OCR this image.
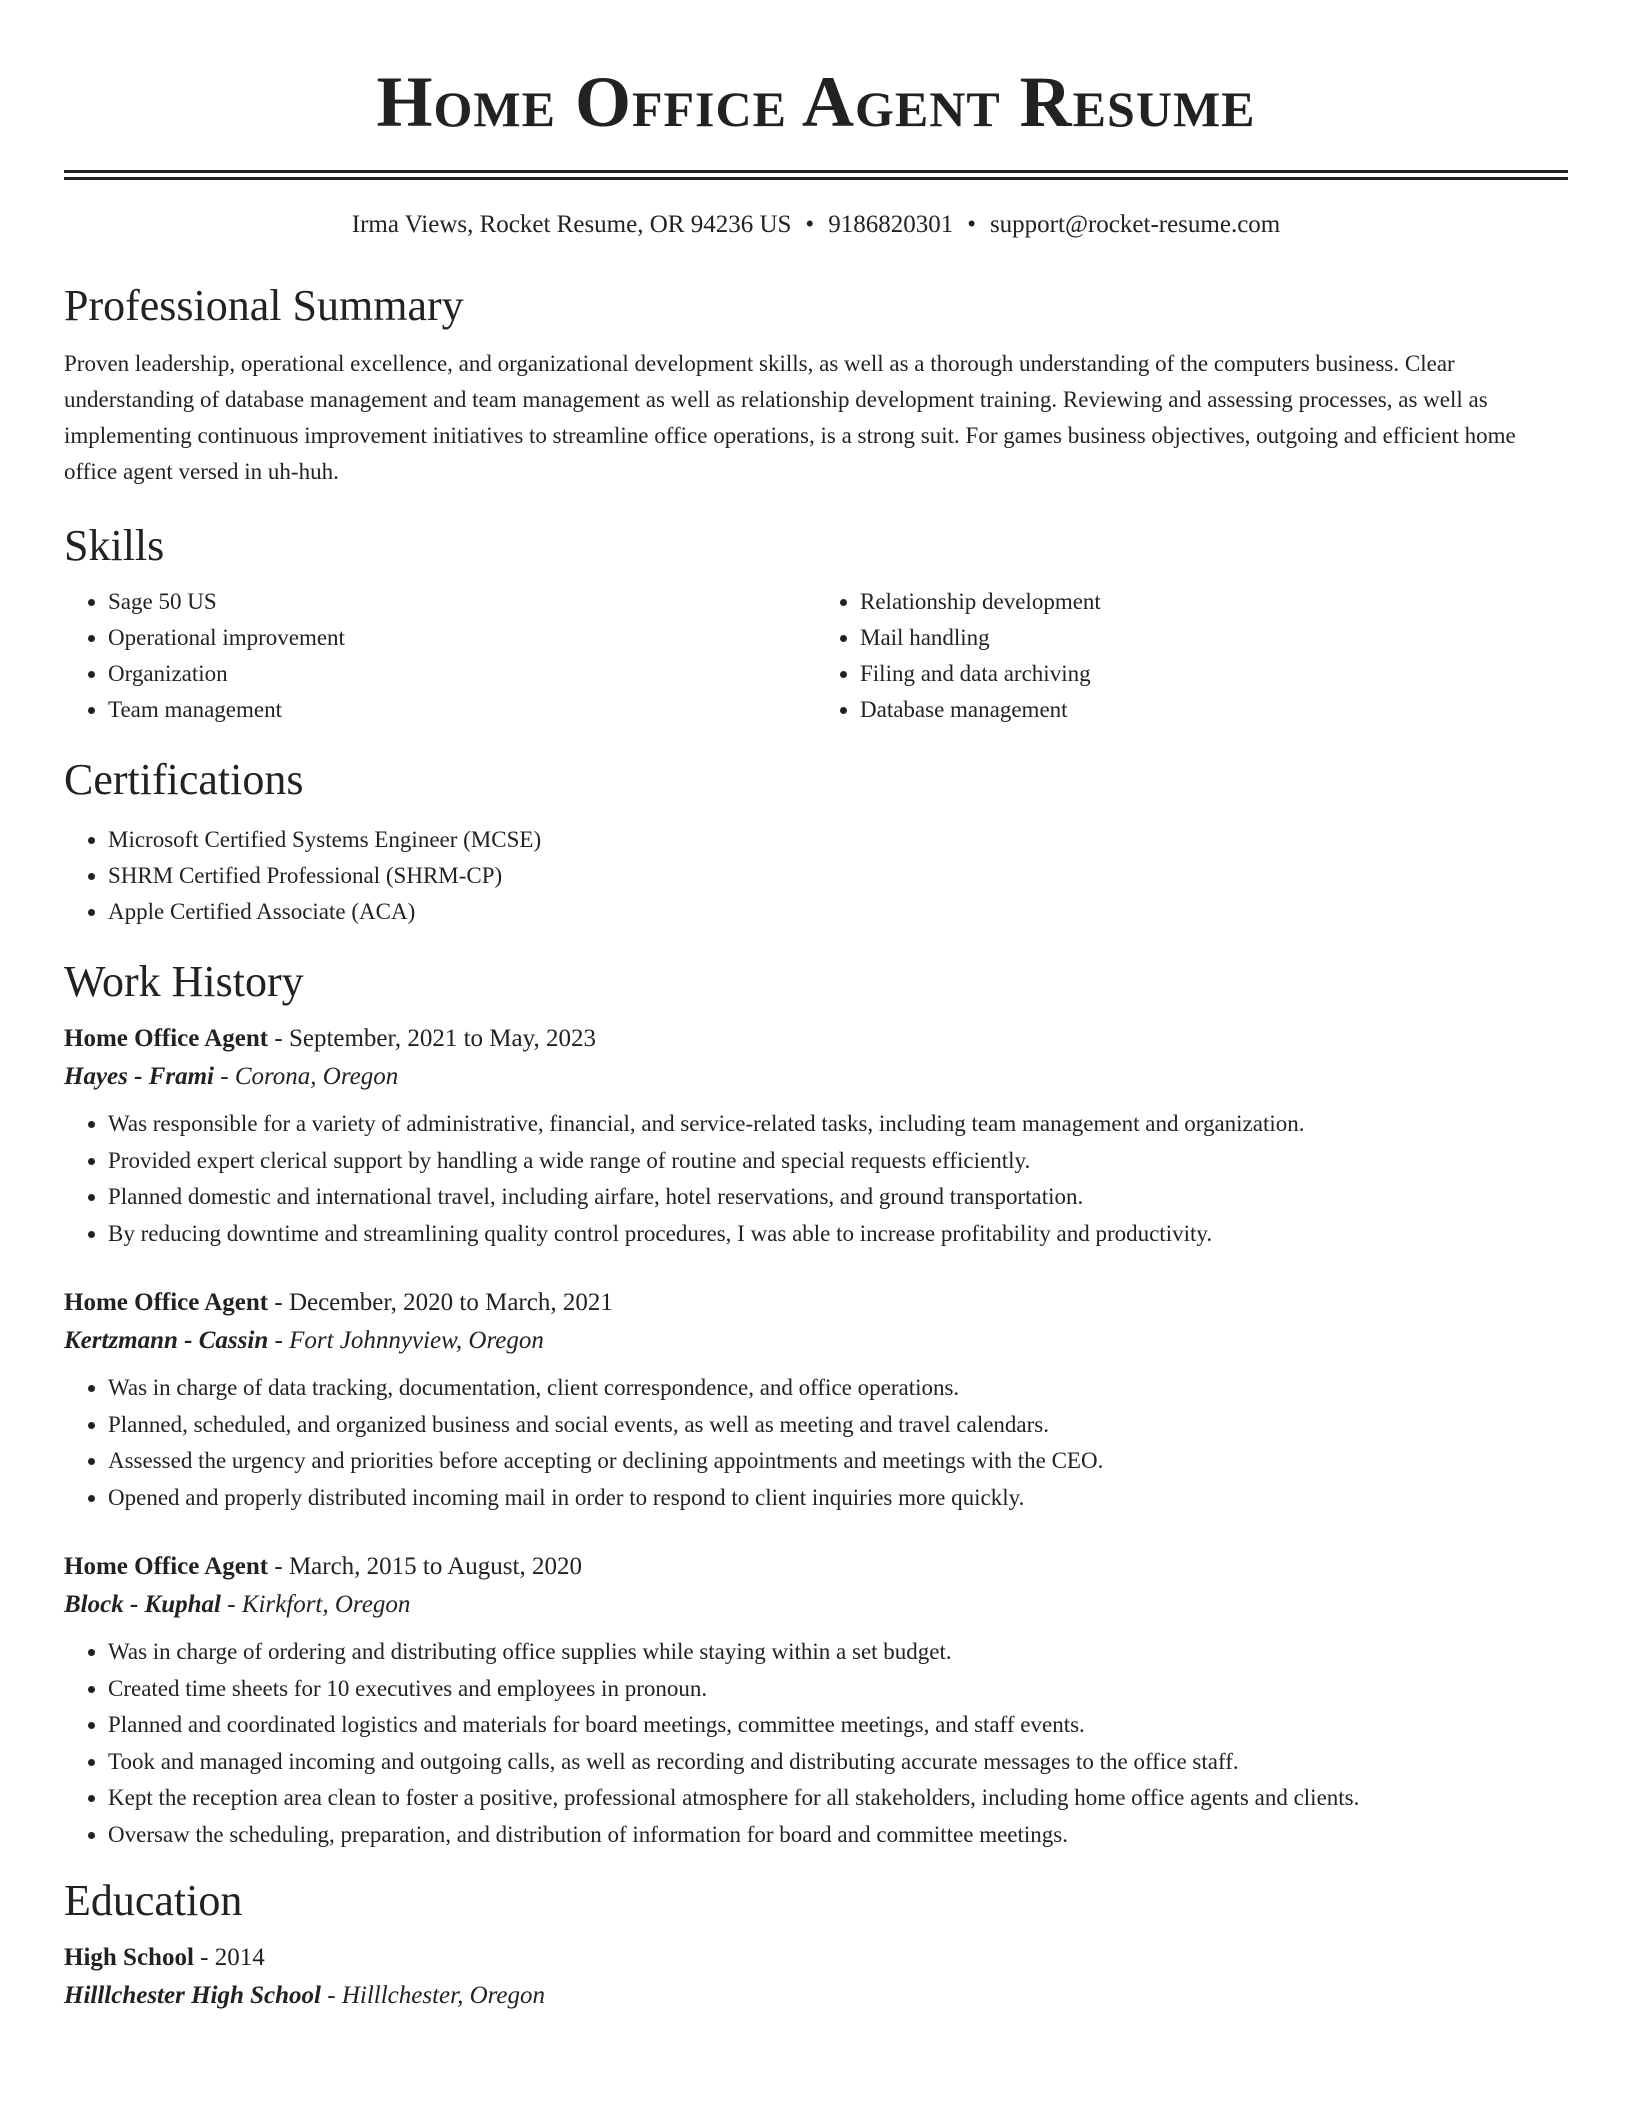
Home Office Agent Resume
Irma Views, Rocket Resume, OR 94236 US • 9186820301 • support@rocket-resume.com
Professional Summary

Proven leadership, operational excellence, and organizational development skills, as well as a thorough understanding of the computers business. Clear understanding of database management and team management as well as relationship development training. Reviewing and assessing processes, as well as implementing continuous improvement initiatives to streamline office operations, is a strong suit. For games business objectives, outgoing and efficient home office agent versed in uh-huh.

Skills
• Sage 50 US
• Operational improvement
• Organization
• Team management
• Relationship development
• Mail handling
• Filing and data archiving
• Database management
Certifications
• Microsoft Certified Systems Engineer (MCSE)
• SHRM Certified Professional (SHRM-CP)
• Apple Certified Associate (ACA)
Work History
Home Office Agent - September, 2021 to May, 2023
Hayes - Frami - Corona, Oregon
• Was responsible for a variety of administrative, financial, and service-related tasks, including team management and organization.
• Provided expert clerical support by handling a wide range of routine and special requests efficiently.
• Planned domestic and international travel, including airfare, hotel reservations, and ground transportation.
• By reducing downtime and streamlining quality control procedures, I was able to increase profitability and productivity.
Home Office Agent - December, 2020 to March, 2021
Kertzmann - Cassin - Fort Johnnyview, Oregon
• Was in charge of data tracking, documentation, client correspondence, and office operations.
• Planned, scheduled, and organized business and social events, as well as meeting and travel calendars.
• Assessed the urgency and priorities before accepting or declining appointments and meetings with the CEO.
• Opened and properly distributed incoming mail in order to respond to client inquiries more quickly.
Home Office Agent - March, 2015 to August, 2020
Block - Kuphal - Kirkfort, Oregon
• Was in charge of ordering and distributing office supplies while staying within a set budget.
• Created time sheets for 10 executives and employees in pronoun.
• Planned and coordinated logistics and materials for board meetings, committee meetings, and staff events.
• Took and managed incoming and outgoing calls, as well as recording and distributing accurate messages to the office staff.
• Kept the reception area clean to foster a positive, professional atmosphere for all stakeholders, including home office agents and clients.
• Oversaw the scheduling, preparation, and distribution of information for board and committee meetings.
Education
High School - 2014
Hilllchester High School - Hilllchester, Oregon
